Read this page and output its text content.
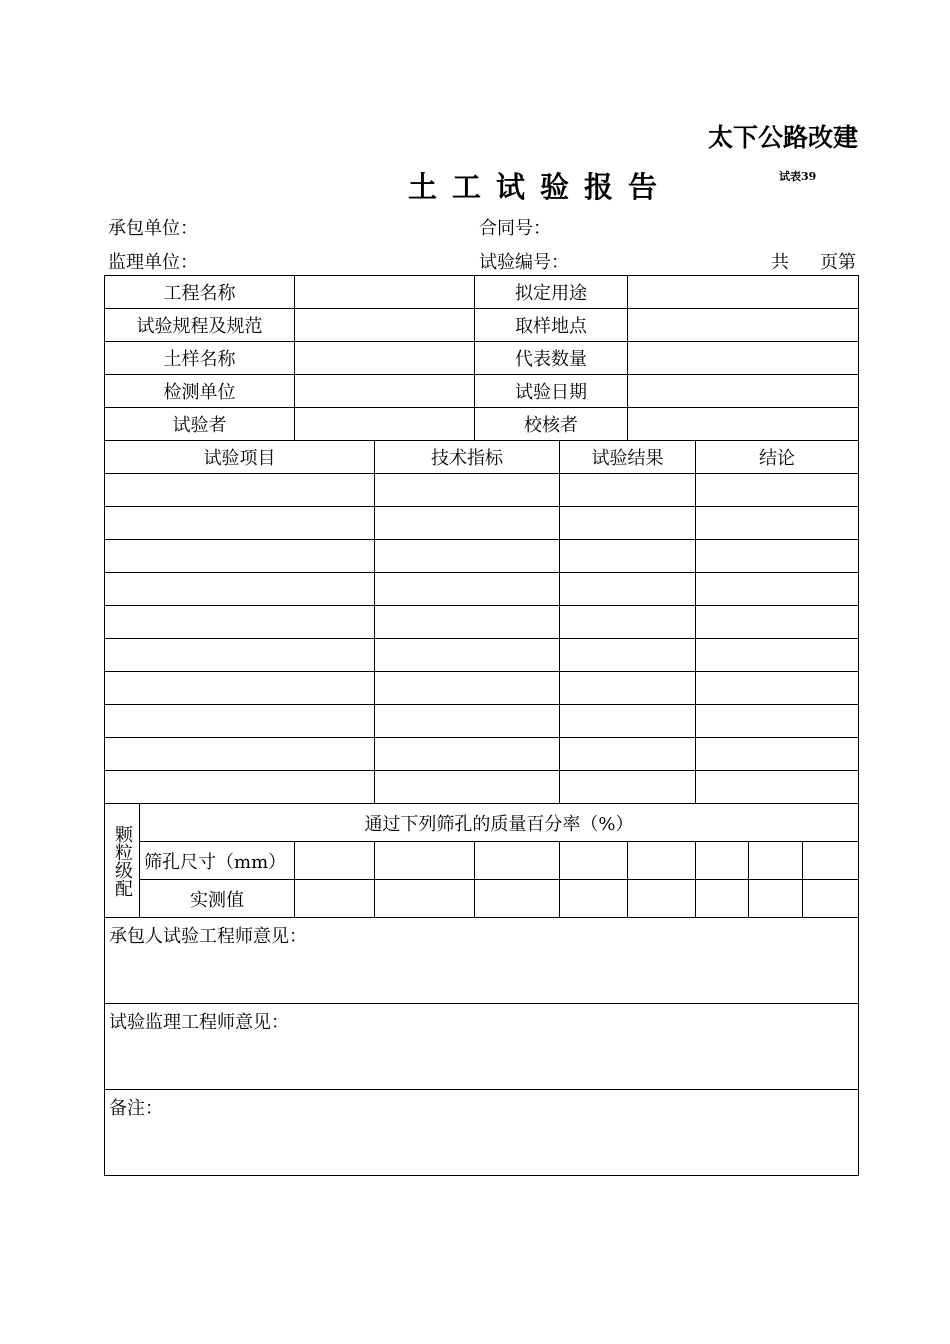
太下公路改建
土工试验报告	试表39
承包单位：	合同号：
监理单位：	试验编号：	共 页第
工程名称				拟定用途					
试验规程及规范				取样地点					
土样名称				代表数量					
检测单位				试验日期					
试验者				校核者					
试验项目			技术指标		试验结果		结论		

颗粒级配	通过下列筛孔的质量百分率（%）								
	筛孔尺寸（mm）								
	实测值								
承包人试验工程师意见：									
试验监理工程师意见：									
备注：									
